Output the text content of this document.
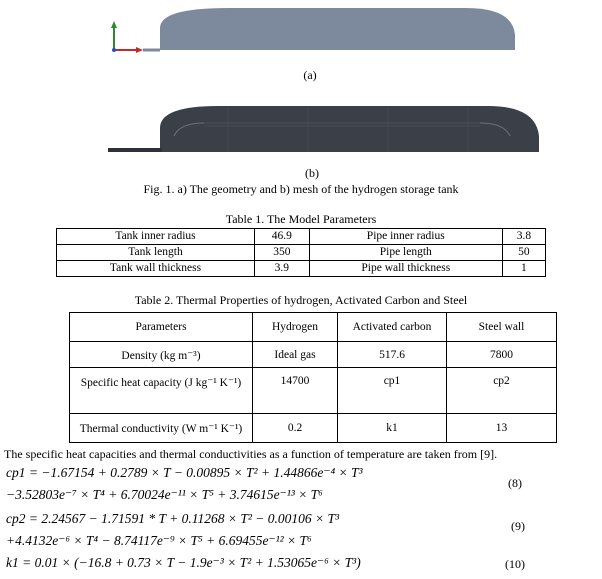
(a)
(b)
Fig. 1. a) The geometry and b) mesh of the hydrogen storage tank
Table 1. The Model Parameters
Tank inner radius	46.9	Pipe inner radius	3.8
Tank length	350	Pipe length	50
Tank wall thickness	3.9	Pipe wall thickness	1
Table 2. Thermal Properties of hydrogen, Activated Carbon and Steel
Parameters	Hydrogen	Activated carbon	Steel wall
Density (kg m⁻³)	Ideal gas	517.6	7800
Specific heat capacity (J kg⁻¹ K⁻¹)	14700	cp1	cp2
Thermal conductivity (W m⁻¹ K⁻¹)	0.2	k1	13
The specific heat capacities and thermal conductivities as a function of temperature are taken from [9].
cp1 = −1.67154 + 0.2789 × T − 0.00895 × T² + 1.44866e⁻⁴ × T³
−3.52803e⁻⁷ × T⁴ + 6.70024e⁻¹¹ × T⁵ + 3.74615e⁻¹³ × T⁶
(8)
cp2 = 2.24567 − 1.71591 * T + 0.11268 × T² − 0.00106 × T³
+4.4132e⁻⁶ × T⁴ − 8.74117e⁻⁹ × T⁵ + 6.69455e⁻¹² × T⁶
(9)
k1 = 0.01 × (−16.8 + 0.73 × T − 1.9e⁻³ × T² + 1.53065e⁻⁶ × T³)	(10)
